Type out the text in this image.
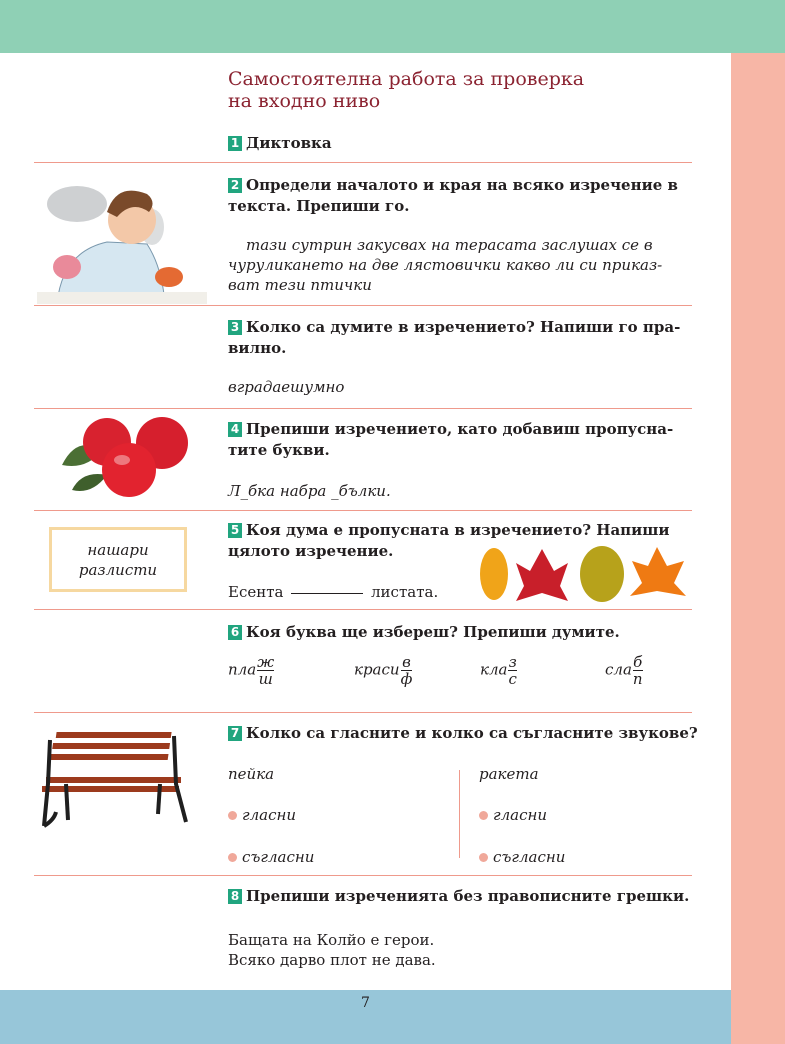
Самостоятелна работа за проверка
на входно ниво
1 Диктовка
2 Определи началото и края на всяко изречение в текста. Препиши го.
тази сутрин закусвах на терасата заслушах се в чуруликането на две лястовички какво ли си приказ-ват тези птички
3 Колко са думите в изречението? Напиши го пра-вилно.
вградаешумно
4 Препиши изречението, като добавиш пропусна-тите букви.
Л_бка набра _бълки.
нашари
разлисти
5 Коя дума е пропусната в изречението? Напиши цялото изречение.
Есента	листата.
6 Коя буква ще избереш? Препиши думите.
пла $\frac{ж}{ш}$	краси $\frac{в}{ф}$	кла $\frac{з}{с}$	сла $\frac{б}{п}$
7 Колко са гласните и колко са съгласните звукове?
пейка	ракета
гласни	гласни
съгласни	съгласни
8 Препиши изреченията без правописните грешки.
Бащата на Колйо е герои.
Всяко дарво плот не дава.
7
